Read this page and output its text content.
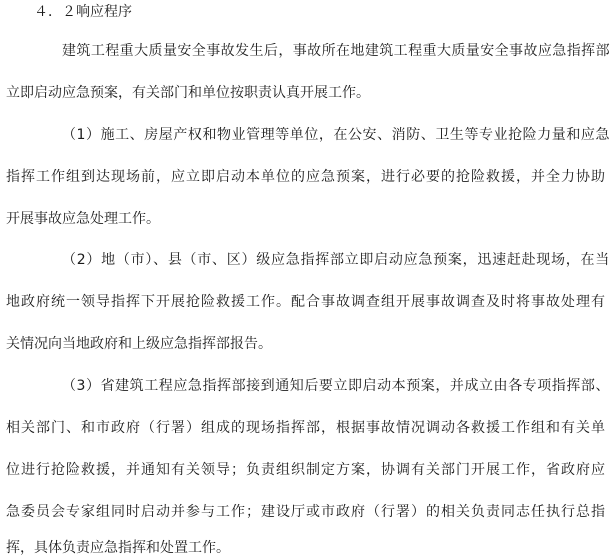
４．２响应程序
建筑工程重大质量安全事故发生后，事故所在地建筑工程重大质量安全事故应急指挥部
立即启动应急预案，有关部门和单位按职责认真开展工作。
（1）施工、房屋产权和物业管理等单位，在公安、消防、卫生等专业抢险力量和应急
指挥工作组到达现场前，应立即启动本单位的应急预案，进行必要的抢险救援，并全力协助
开展事故应急处理工作。
（2）地（市）、县（市、区）级应急指挥部立即启动应急预案，迅速赶赴现场，在当
地政府统一领导指挥下开展抢险救援工作。配合事故调查组开展事故调查及时将事故处理有
关情况向当地政府和上级应急指挥部报告。
（3）省建筑工程应急指挥部接到通知后要立即启动本预案，并成立由各专项指挥部、
相关部门、和市政府（行署）组成的现场指挥部，根据事故情况调动各救援工作组和有关单
位进行抢险救援，并通知有关领导；负责组织制定方案，协调有关部门开展工作，省政府应
急委员会专家组同时启动并参与工作；建设厅或市政府（行署）的相关负责同志任执行总指
挥，具体负责应急指挥和处置工作。
